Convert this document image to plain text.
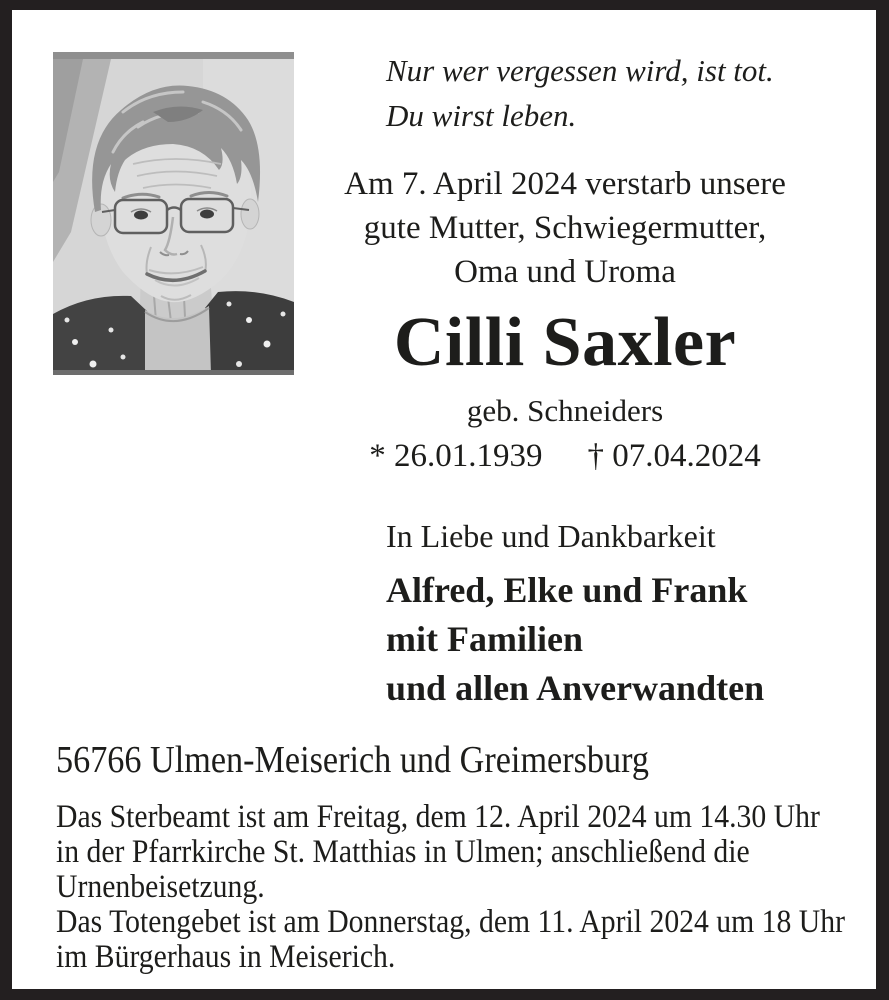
Nur wer vergessen wird, ist tot.
Du wirst leben.
Am 7. April 2024 verstarb unsere
gute Mutter, Schwiegermutter,
Oma und Uroma
Cilli Saxler
geb. Schneiders
* 26.01.1939 † 07.04.2024
In Liebe und Dankbarkeit
Alfred, Elke und Frank
mit Familien
und allen Anverwandten
56766 Ulmen-Meiserich und Greimersburg
Das Sterbeamt ist am Freitag, dem 12. April 2024 um 14.30 Uhr
in der Pfarrkirche St. Matthias in Ulmen; anschließend die
Urnenbeisetzung.
Das Totengebet ist am Donnerstag, dem 11. April 2024 um 18 Uhr
im Bürgerhaus in Meiserich.
